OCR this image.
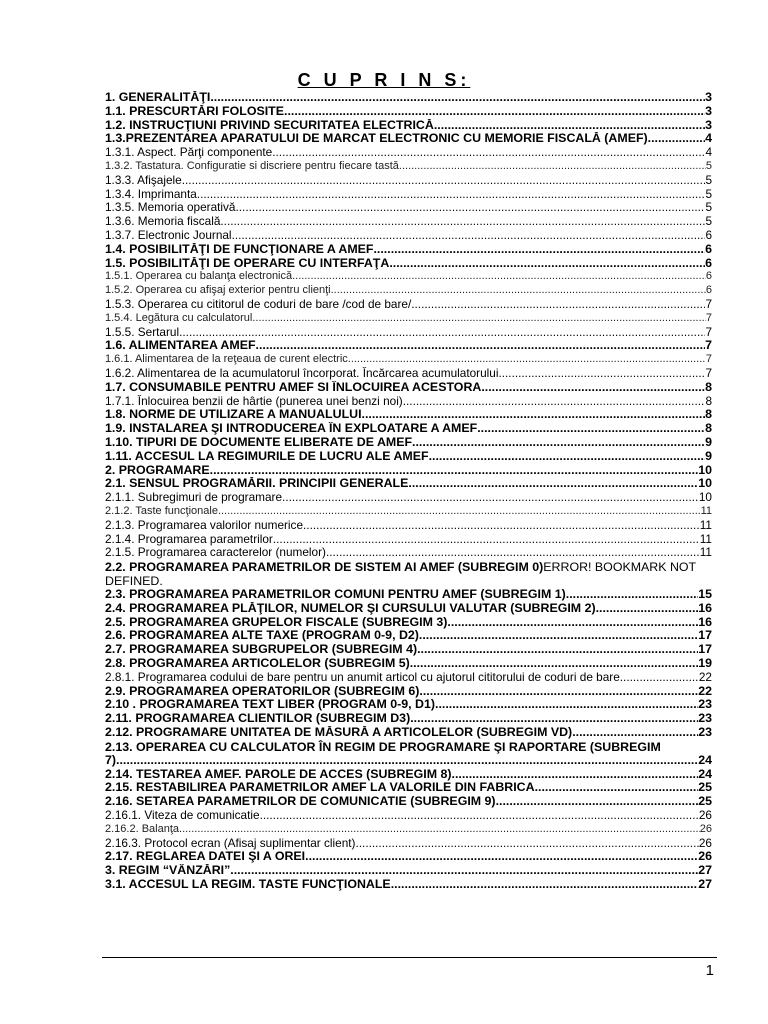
C U P R I N S:
1. GENERALITĂŢI .....	3
1.1. PRESCURTĂRI FOLOSITE .....	3
1.2. INSTRUCŢIUNI PRIVIND SECURITATEA ELECTRICĂ .....	3
1.3.PREZENTAREA APARATULUI DE MARCAT ELECTRONIC CU MEMORIE FISCALĂ (AMEF) .....	4
1.3.1. Aspect. Părţi componente .....	4
1.3.2. Tastatura. Configuratie si discriere pentru fiecare tastă .....	5
1.3.3. Afişajele .....	5
1.3.4. Imprimanta .....	5
1.3.5. Memoria operativă .....	5
1.3.6. Memoria fiscală .....	5
1.3.7. Electronic Journal .....	6
1.4. POSIBILITĂŢI DE FUNCŢIONARE A AMEF .....	6
1.5. POSIBILITĂŢI DE OPERARE CU INTERFAŢA .....	6
1.5.1. Operarea cu balanţa electronică .....	6
1.5.2. Operarea cu afişaj exterior pentru clienţi .....	6
1.5.3. Operarea cu cititorul de coduri de bare /cod de bare/ .....	7
1.5.4. Legătura cu calculatorul .....	7
1.5.5. Sertarul .....	7
1.6. ALIMENTAREA AMEF .....	7
1.6.1. Alimentarea de la reţeaua de curent electric .....	7
1.6.2. Alimentarea de la acumulatorul încorporat. Încărcarea acumulatorului .....	7
1.7. CONSUMABILE PENTRU AMEF SI ÎNLOCUIREA ACESTORA .....	8
1.7.1. Înlocuirea benzii de hârtie (punerea unei benzi noi) .....	8
1.8. NORME DE UTILIZARE A MANUALULUI .....	8
1.9. INSTALAREA ŞI INTRODUCEREA ÎN EXPLOATARE A AMEF .....	8
1.10. TIPURI DE DOCUMENTE ELIBERATE DE AMEF .....	9
1.11. ACCESUL LA REGIMURILE DE LUCRU ALE AMEF .....	9
2. PROGRAMARE .....	10
2.1. SENSUL PROGRAMĂRII. PRINCIPII GENERALE .....	10
2.1.1. Subregimuri de programare .....	10
2.1.2. Taste funcţionale .....	11
2.1.3. Programarea valorilor numerice .....	11
2.1.4. Programarea parametrilor .....	11
2.1.5. Programarea caracterelor (numelor) .....	11
2.2. PROGRAMAREA PARAMETRILOR DE SISTEM AI AMEF (SUBREGIM 0)ERROR! BOOKMARK NOT DEFINED.
2.3. PROGRAMAREA PARAMETRILOR COMUNI PENTRU AMEF (SUBREGIM 1) .....	15
2.4. PROGRAMAREA PLĂŢILOR, NUMELOR ŞI CURSULUI VALUTAR (SUBREGIM 2) .....	16
2.5. PROGRAMAREA GRUPELOR FISCALE (SUBREGIM 3) .....	16
2.6. PROGRAMAREA ALTE TAXE (PROGRAM 0-9, D2) .....	17
2.7. PROGRAMAREA SUBGRUPELOR (SUBREGIM 4) .....	17
2.8. PROGRAMAREA ARTICOLELOR (SUBREGIM 5) .....	19
2.8.1. Programarea codului de bare pentru un anumit articol cu ajutorul cititorului de coduri de bare .....	22
2.9. PROGRAMAREA OPERATORILOR (SUBREGIM 6) .....	22
2.10 . PROGRAMAREA TEXT LIBER (PROGRAM 0-9, D1) .....	23
2.11. PROGRAMAREA CLIENTILOR (SUBREGIM D3) .....	23
2.12. PROGRAMARE UNITATEA DE MĂSURĂ A ARTICOLELOR (SUBREGIM VD) .....	23
2.13. OPERAREA CU CALCULATOR ÎN REGIM DE PROGRAMARE ŞI RAPORTARE (SUBREGIM
7) .....	24
2.14. TESTAREA AMEF. PAROLE DE ACCES (SUBREGIM 8) .....	24
2.15. RESTABILIREA PARAMETRILOR AMEF LA VALORILE DIN FABRICA .....	25
2.16. SETAREA PARAMETRILOR DE COMUNICATIE (SUBREGIM 9) .....	25
2.16.1. Viteza de comunicatie .....	26
2.16.2. Balanţa .....	26
2.16.3. Protocol ecran (Afisaj suplimentar client) .....	26
2.17. REGLAREA DATEI ŞI A OREI .....	26
3. REGIM “VÂNZĂRI” .....	27
3.1. ACCESUL LA REGIM. TASTE FUNCŢIONALE .....	27
1
